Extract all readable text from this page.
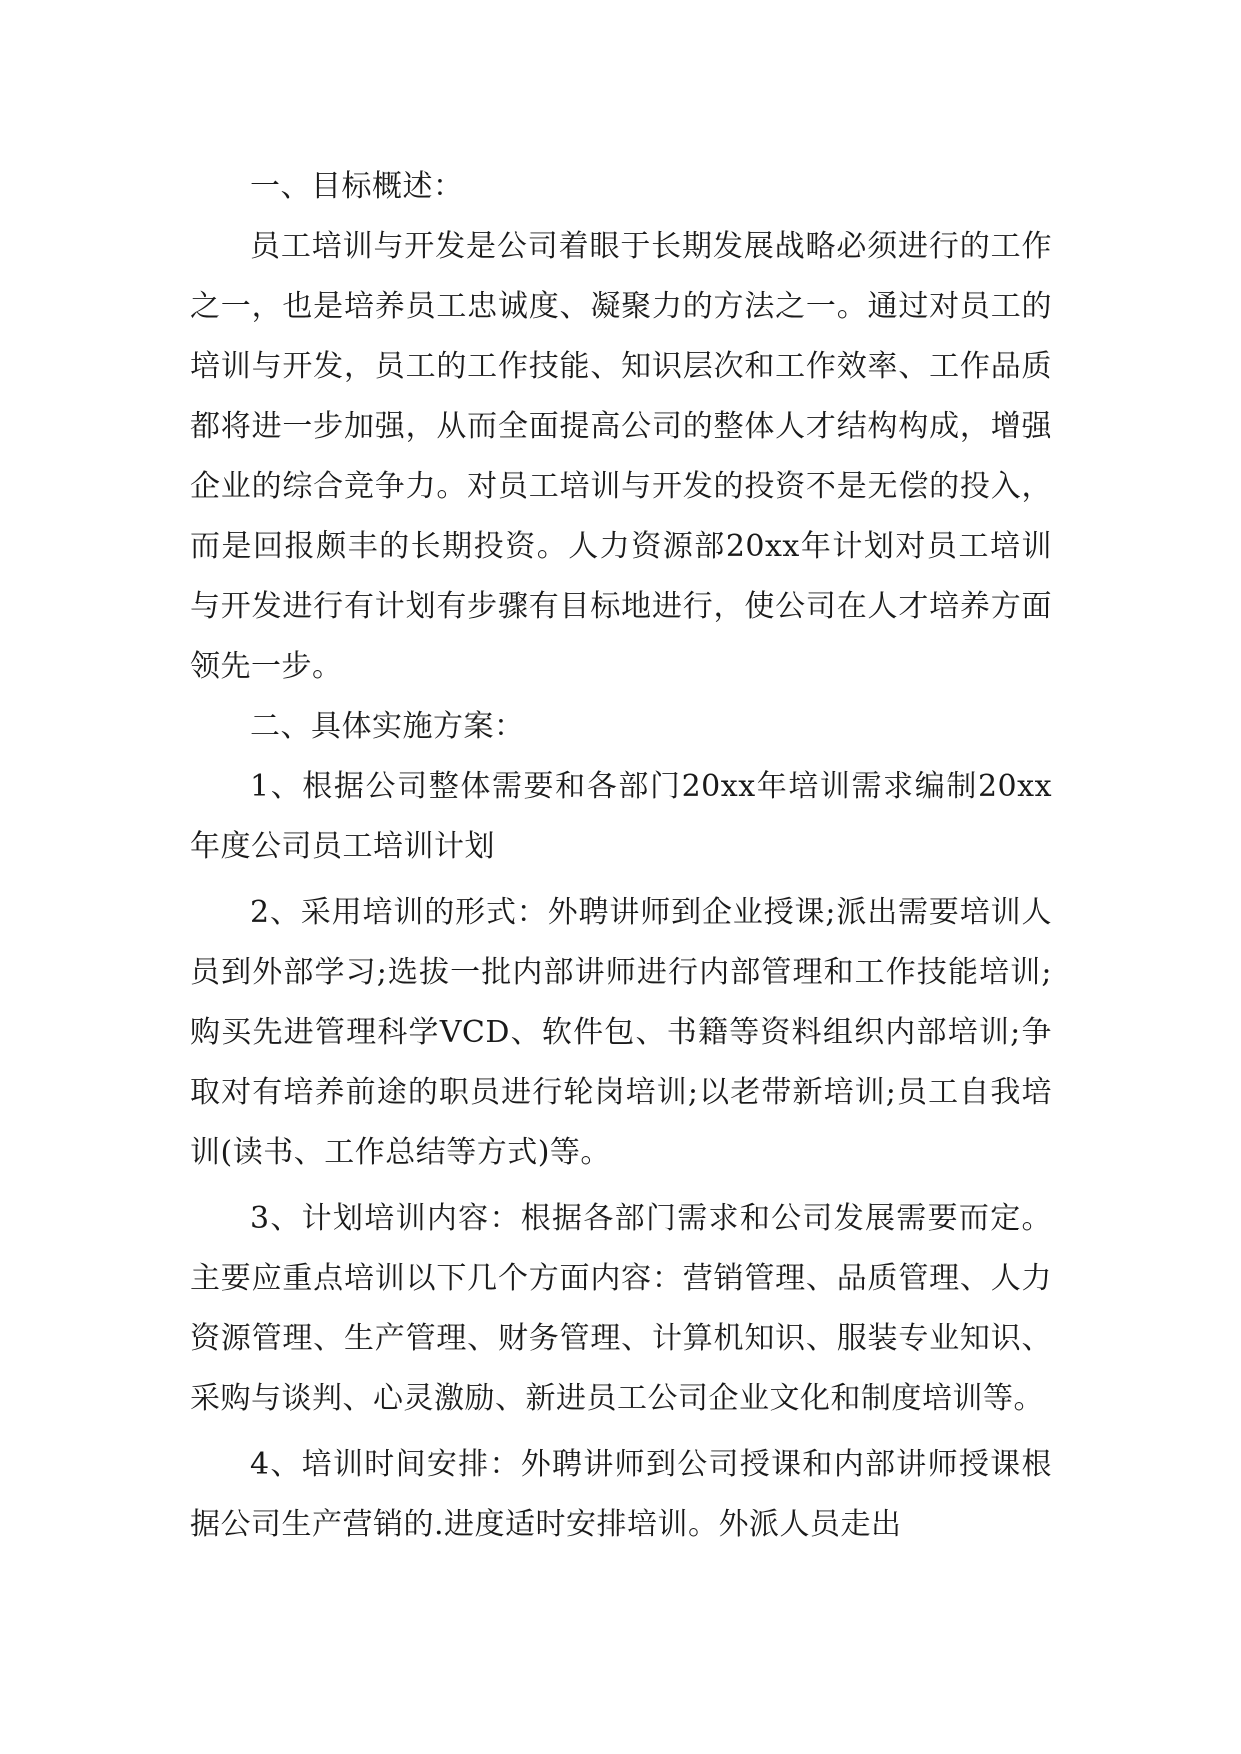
一、目标概述：

员工培训与开发是公司着眼于长期发展战略必须进行的工作之一，也是培养员工忠诚度、凝聚力的方法之一。通过对员工的培训与开发，员工的工作技能、知识层次和工作效率、工作品质都将进一步加强，从而全面提高公司的整体人才结构构成，增强企业的综合竞争力。对员工培训与开发的投资不是无偿的投入，而是回报颇丰的长期投资。人力资源部20xx年计划对员工培训与开发进行有计划有步骤有目标地进行，使公司在人才培养方面领先一步。

二、具体实施方案：

1、根据公司整体需要和各部门20xx年培训需求编制20xx年度公司员工培训计划

2、采用培训的形式：外聘讲师到企业授课;派出需要培训人员到外部学习;选拔一批内部讲师进行内部管理和工作技能培训;购买先进管理科学VCD、软件包、书籍等资料组织内部培训;争取对有培养前途的职员进行轮岗培训;以老带新培训;员工自我培训(读书、工作总结等方式)等。

3、计划培训内容：根据各部门需求和公司发展需要而定。主要应重点培训以下几个方面内容：营销管理、品质管理、人力资源管理、生产管理、财务管理、计算机知识、服装专业知识、采购与谈判、心灵激励、新进员工公司企业文化和制度培训等。

4、培训时间安排：外聘讲师到公司授课和内部讲师授课根据公司生产营销的.进度适时安排培训。外派人员走出
